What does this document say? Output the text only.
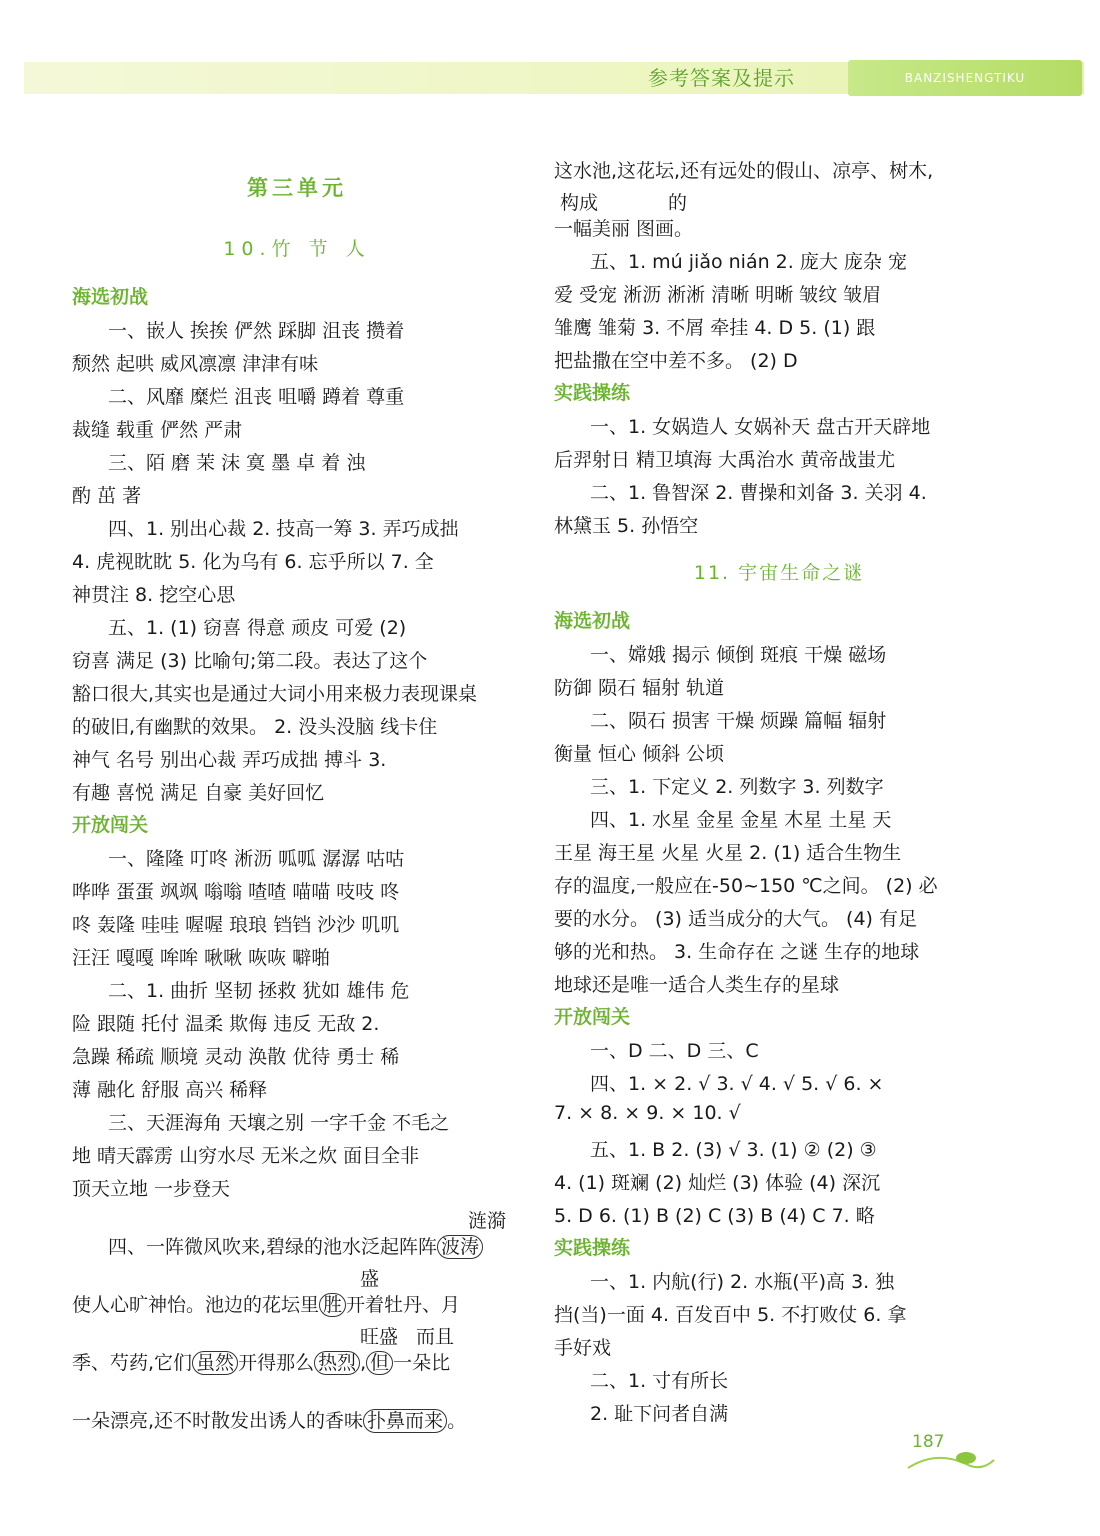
参考答案及提示	BANZISHENGTIKU
第三单元
10.竹 节 人
海选初战
一、嵌人 挨挨 俨然 踩脚 沮丧 攒着
颓然 起哄 威风凛凛 津津有味
二、风靡 糜烂 沮丧 咀嚼 蹲着 尊重
裁缝 载重 俨然 严肃
三、陌 磨 茉 沫 寞 墨 卓 着 浊
酌 茁 著
四、1. 别出心裁 2. 技高一筹 3. 弄巧成拙
4. 虎视眈眈 5. 化为乌有 6. 忘乎所以 7. 全
神贯注 8. 挖空心思
五、1. (1) 窃喜 得意 顽皮 可爱 (2)
窃喜 满足 (3) 比喻句;第二段。表达了这个
豁口很大,其实也是通过大词小用来极力表现课桌
的破旧,有幽默的效果。 2. 没头没脑 线卡住
神气 名号 别出心裁 弄巧成拙 搏斗 3.
有趣 喜悦 满足 自豪 美好回忆
开放闯关
一、隆隆 叮咚 淅沥 呱呱 潺潺 咕咕
哗哗 蛋蛋 飒飒 嗡嗡 喳喳 喵喵 吱吱 咚
咚 轰隆 哇哇 喔喔 琅琅 铛铛 沙沙 叽叽
汪汪 嘎嘎 哞哞 啾啾 咴咴 噼啪
二、1. 曲折 坚韧 拯救 犹如 雄伟 危
险 跟随 托付 温柔 欺侮 违反 无敌 2.
急躁 稀疏 顺境 灵动 涣散 优待 勇士 稀
薄 融化 舒服 高兴 稀释
三、天涯海角 天壤之别 一字千金 不毛之
地 晴天霹雳 山穷水尽 无米之炊 面目全非
顶天立地 一步登天
涟漪
四、一阵微风吹来,碧绿的池水泛起阵阵 波涛
盛
使人心旷神怡。池边的花坛里 胜 开着牡丹、月
旺盛 而且
季、芍药,它们 虽然 开得那么 热烈 , 但 一朵比
一朵漂亮,还不时散发出诱人的香味 扑鼻而来 。
这水池,这花坛,还有远处的假山、凉亭、树木,
构成	的
一幅美丽 图画。
五、1. mú jiǎo nián 2. 庞大 庞杂 宠
爱 受宠 淅沥 淅淅 清晰 明晰 皱纹 皱眉
雏鹰 雏菊 3. 不屑 牵挂 4. D 5. (1) 跟
把盐撒在空中差不多。 (2) D
实践操练
一、1. 女娲造人 女娲补天 盘古开天辟地
后羿射日 精卫填海 大禹治水 黄帝战蚩尤
二、1. 鲁智深 2. 曹操和刘备 3. 关羽 4.
林黛玉 5. 孙悟空
11. 宇宙生命之谜
海选初战
一、嫦娥 揭示 倾倒 斑痕 干燥 磁场
防御 陨石 辐射 轨道
二、陨石 损害 干燥 烦躁 篇幅 辐射
衡量 恒心 倾斜 公顷
三、1. 下定义 2. 列数字 3. 列数字
四、1. 水星 金星 金星 木星 土星 天
王星 海王星 火星 火星 2. (1) 适合生物生
存的温度,一般应在-50~150 ℃之间。 (2) 必
要的水分。 (3) 适当成分的大气。 (4) 有足
够的光和热。 3. 生命存在 之谜 生存的地球
地球还是唯一适合人类生存的星球
开放闯关
一、D 二、D 三、C
四、1. × 2. √ 3. √ 4. √ 5. √ 6. ×
7. × 8. × 9. × 10. √
五、1. B 2. (3) √ 3. (1) ② (2) ③
4. (1) 斑斓 (2) 灿烂 (3) 体验 (4) 深沉
5. D 6. (1) B (2) C (3) B (4) C 7. 略
实践操练
一、1. 内航(行) 2. 水瓶(平)高 3. 独
挡(当)一面 4. 百发百中 5. 不打败仗 6. 拿
手好戏
二、1. 寸有所长
2. 耻下问者自满
187
